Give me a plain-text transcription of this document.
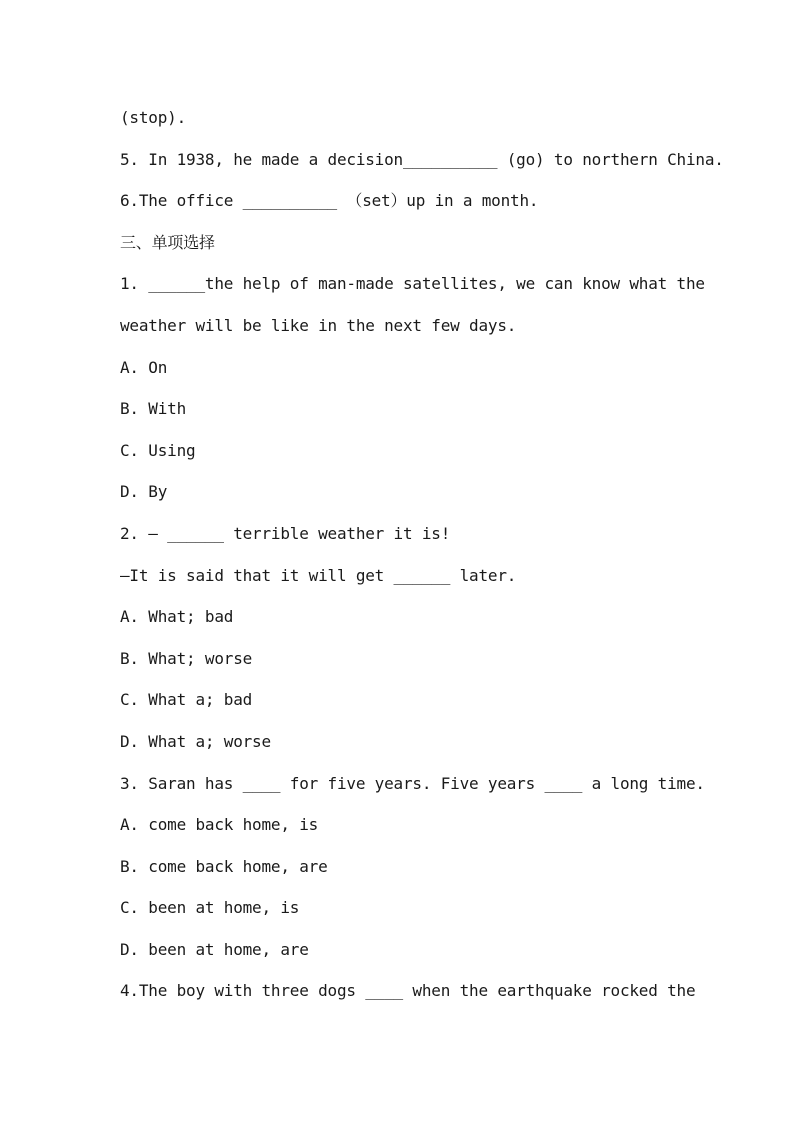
(stop).
5. In 1938, he made a decision__________ (go) to northern China.
6.The office __________ （set）up in a month.
三、单项选择
1. ______the help of man-made satellites, we can know what the
weather will be like in the next few days.
A. On
B. With
C. Using
D. By
2. — ______ terrible weather it is!
—It is said that it will get ______ later.
A. What; bad
B. What; worse
C. What a; bad
D. What a; worse
3. Saran has ____ for five years. Five years ____ a long time.
A. come back home, is
B. come back home, are
C. been at home, is
D. been at home, are
4.The boy with three dogs ____ when the earthquake rocked the
